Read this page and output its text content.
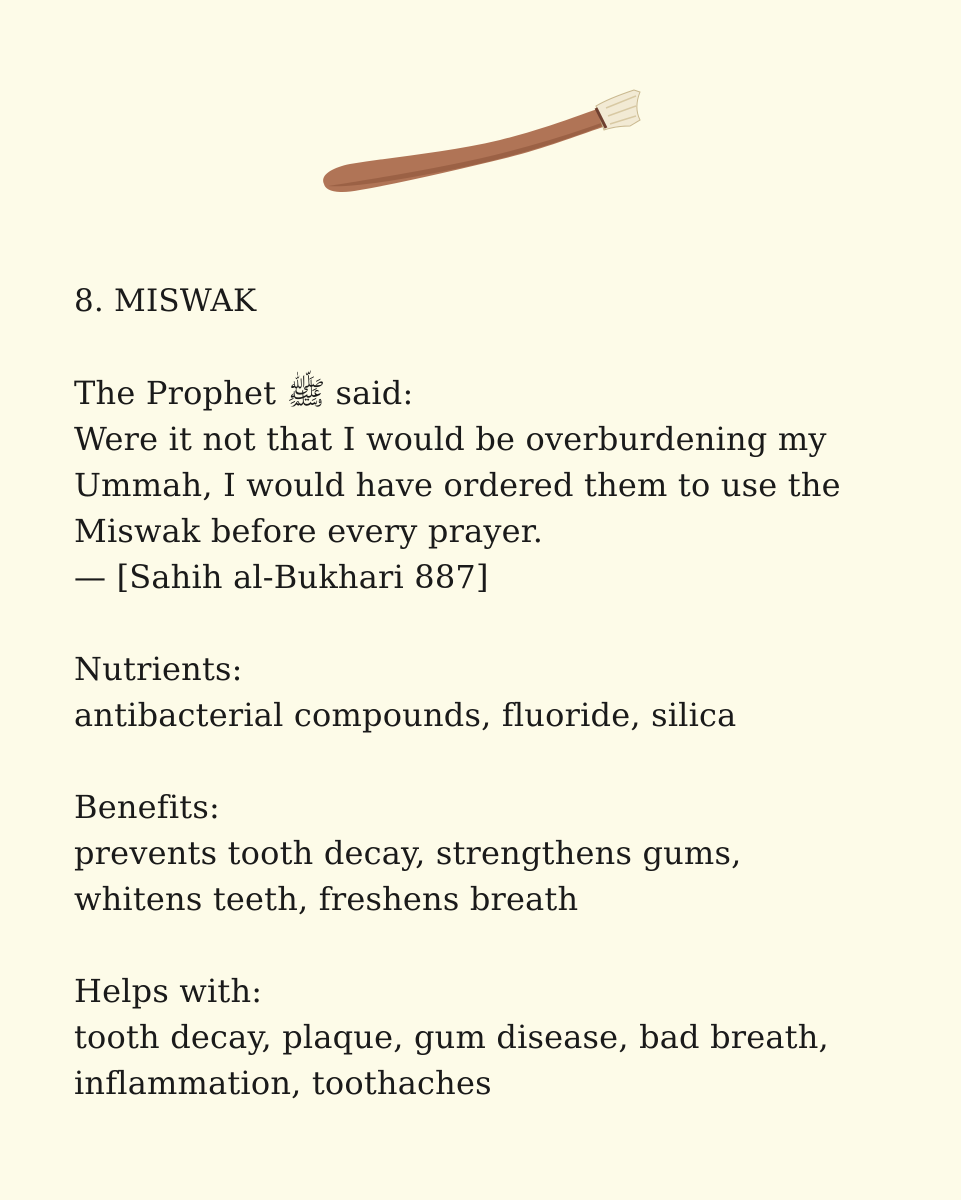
8. MISWAK
The Prophet ﷺ said:
Were it not that I would be overburdening my
Ummah, I would have ordered them to use the
Miswak before every prayer.
— [Sahih al-Bukhari 887]
Nutrients:
antibacterial compounds, fluoride, silica
Benefits:
prevents tooth decay, strengthens gums,
whitens teeth, freshens breath
Helps with:
tooth decay, plaque, gum disease, bad breath,
inflammation, toothaches
